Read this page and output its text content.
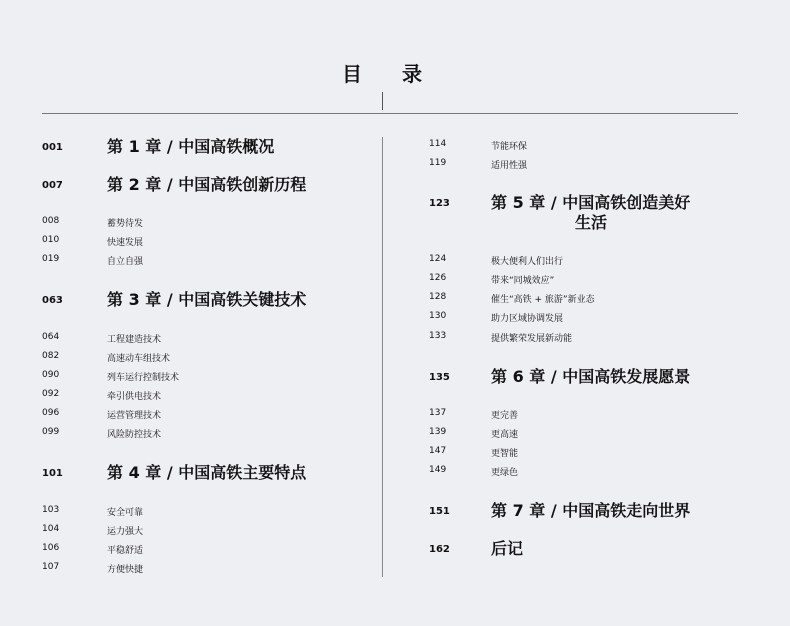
目 录
001	第 1 章 / 中国高铁概况
007	第 2 章 / 中国高铁创新历程
008	蓄势待发
010	快速发展
019	自立自强
063	第 3 章 / 中国高铁关键技术
064	工程建造技术
082	高速动车组技术
090	列车运行控制技术
092	牵引供电技术
096	运营管理技术
099	风险防控技术
101	第 4 章 / 中国高铁主要特点
103	安全可靠
104	运力强大
106	平稳舒适
107	方便快捷
114	节能环保
119	适用性强
123	第 5 章 / 中国高铁创造美好
生活
124	极大便利人们出行
126	带来“同城效应”
128	催生“高铁 + 旅游”新业态
130	助力区域协调发展
133	提供繁荣发展新动能
135	第 6 章 / 中国高铁发展愿景
137	更完善
139	更高速
147	更智能
149	更绿色
151	第 7 章 / 中国高铁走向世界
162	后记
